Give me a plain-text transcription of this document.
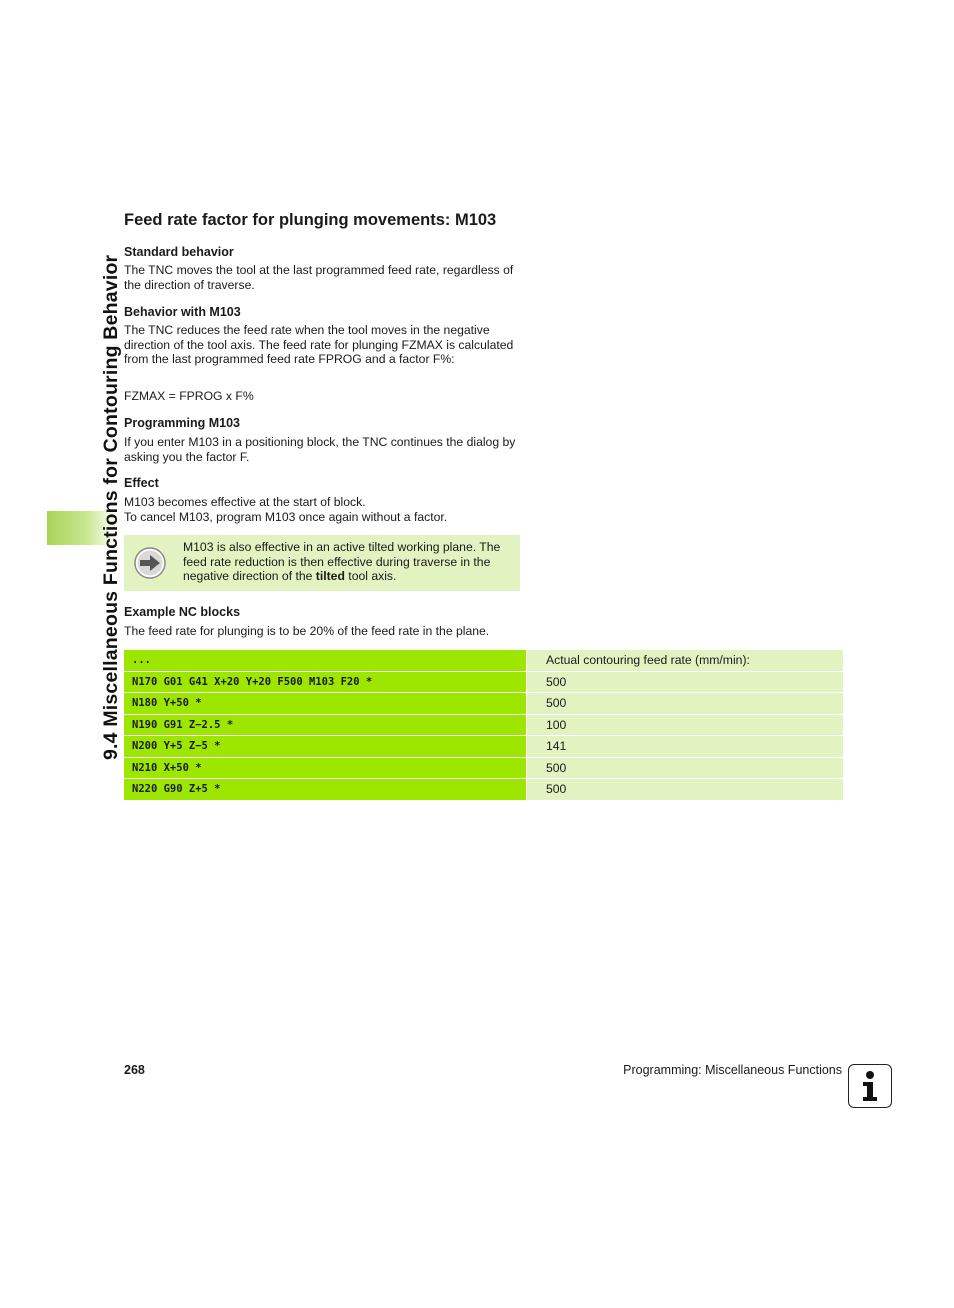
9.4 Miscellaneous Functions for Contouring Behavior
Feed rate factor for plunging movements: M103
Standard behavior
The TNC moves the tool at the last programmed feed rate, regardless of the direction of traverse.
Behavior with M103
The TNC reduces the feed rate when the tool moves in the negative direction of the tool axis. The feed rate for plunging FZMAX is calculated from the last programmed feed rate FPROG and a factor F%:
FZMAX = FPROG x F%
Programming M103
If you enter M103 in a positioning block, the TNC continues the dialog by asking you the factor F.
Effect
M103 becomes effective at the start of block.
To cancel M103, program M103 once again without a factor.
M103 is also effective in an active tilted working plane. The feed rate reduction is then effective during traverse in the negative direction of the tilted tool axis.
Example NC blocks
The feed rate for plunging is to be 20% of the feed rate in the plane.
...	Actual contouring feed rate (mm/min):
N170 G01 G41 X+20 Y+20 F500 M103 F20 *	500
N180 Y+50 *	500
N190 G91 Z−2.5 *	100
N200 Y+5 Z−5 *	141
N210 X+50 *	500
N220 G90 Z+5 *	500
268	Programming: Miscellaneous Functions
